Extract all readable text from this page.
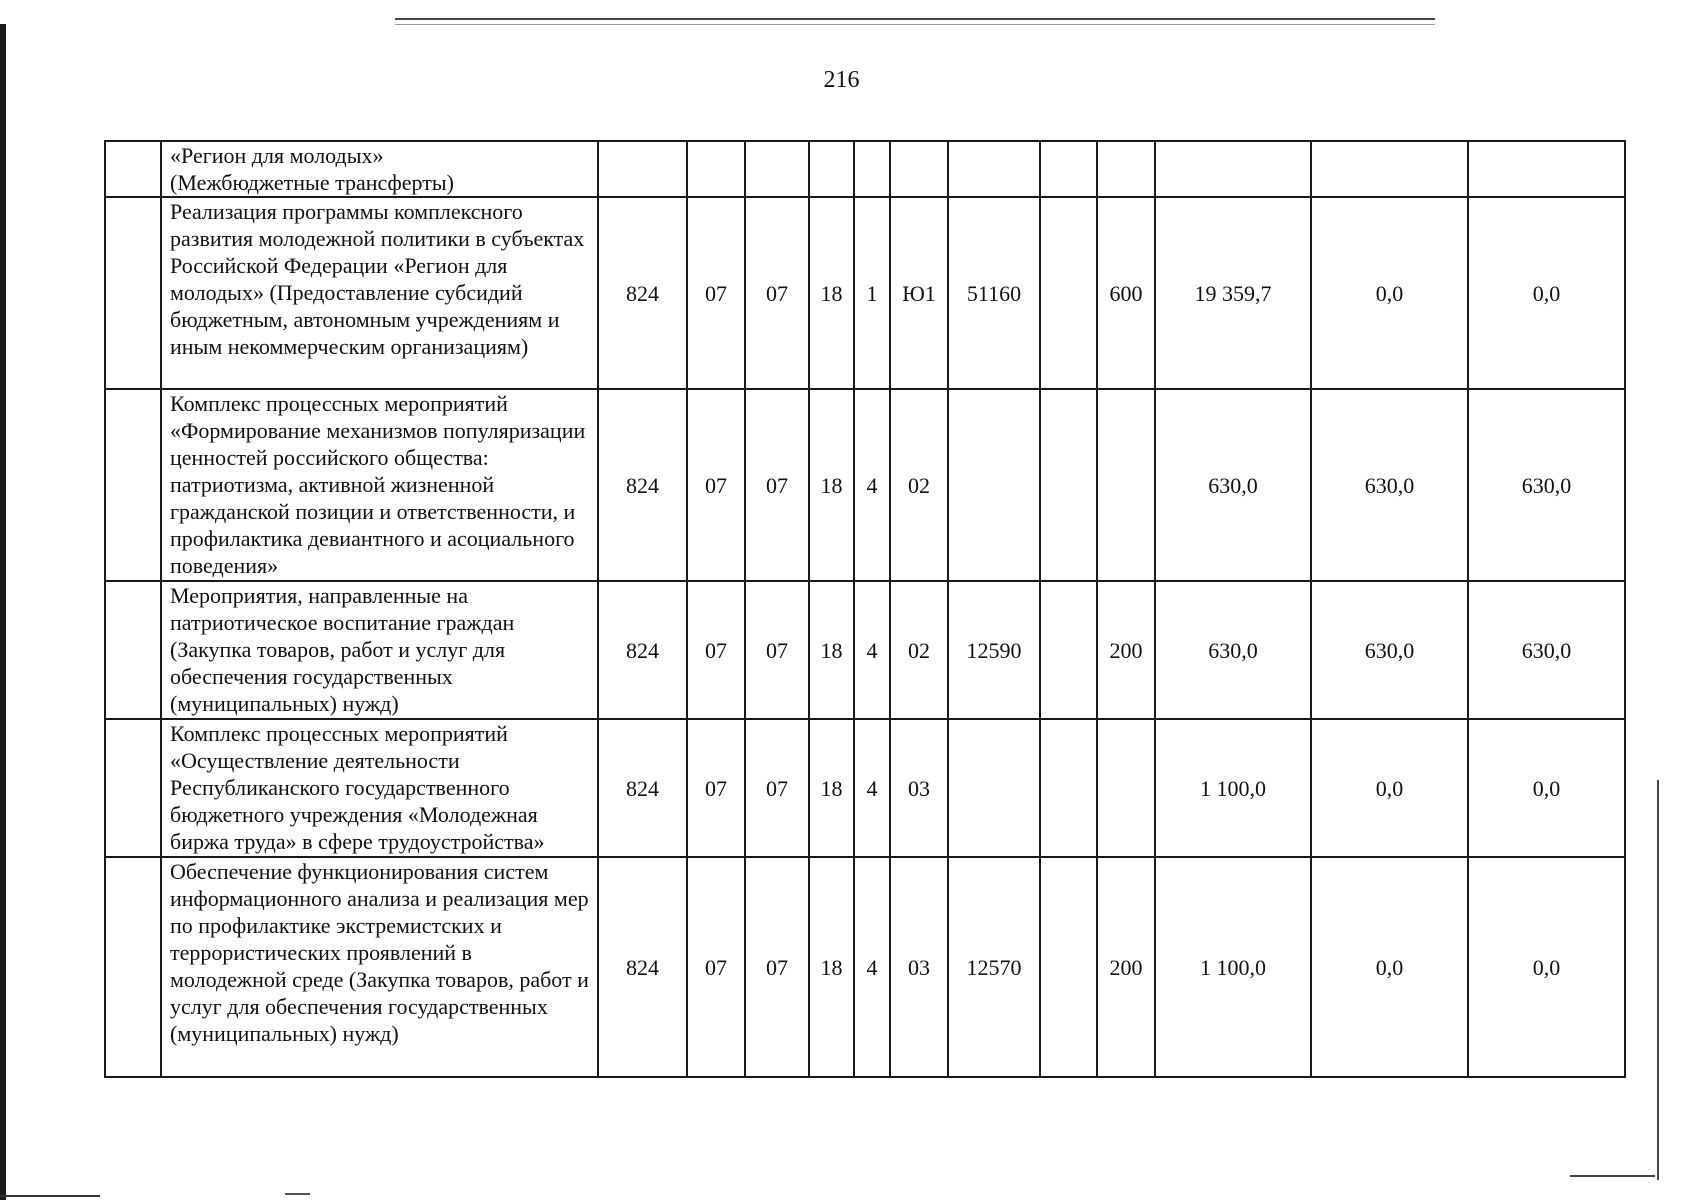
216
	«Регион для молодых»
(Межбюджетные трансферты)												
	Реализация программы комплексного развития молодежной политики в субъектах Российской Федерации «Регион для молодых» (Предоставление субсидий бюджетным, автономным учреждениям и иным некоммерческим организациям)	824	07	07	18	1	Ю1	51160		600	19 359,7	0,0	0,0
	Комплекс процессных мероприятий «Формирование механизмов популяризации ценностей российского общества: патриотизма, активной жизненной гражданской позиции и ответственности, и профилактика девиантного и асоциального поведения»	824	07	07	18	4	02				630,0	630,0	630,0
	Мероприятия, направленные на патриотическое воспитание граждан (Закупка товаров, работ и услуг для обеспечения государственных (муниципальных) нужд)	824	07	07	18	4	02	12590		200	630,0	630,0	630,0
	Комплекс процессных мероприятий «Осуществление деятельности Республиканского государственного бюджетного учреждения «Молодежная биржа труда» в сфере трудоустройства»	824	07	07	18	4	03				1 100,0	0,0	0,0
	Обеспечение функционирования систем информационного анализа и реализация мер по профилактике экстремистских и террористических проявлений в молодежной среде (Закупка товаров, работ и услуг для обеспечения государственных (муниципальных) нужд)	824	07	07	18	4	03	12570		200	1 100,0	0,0	0,0
